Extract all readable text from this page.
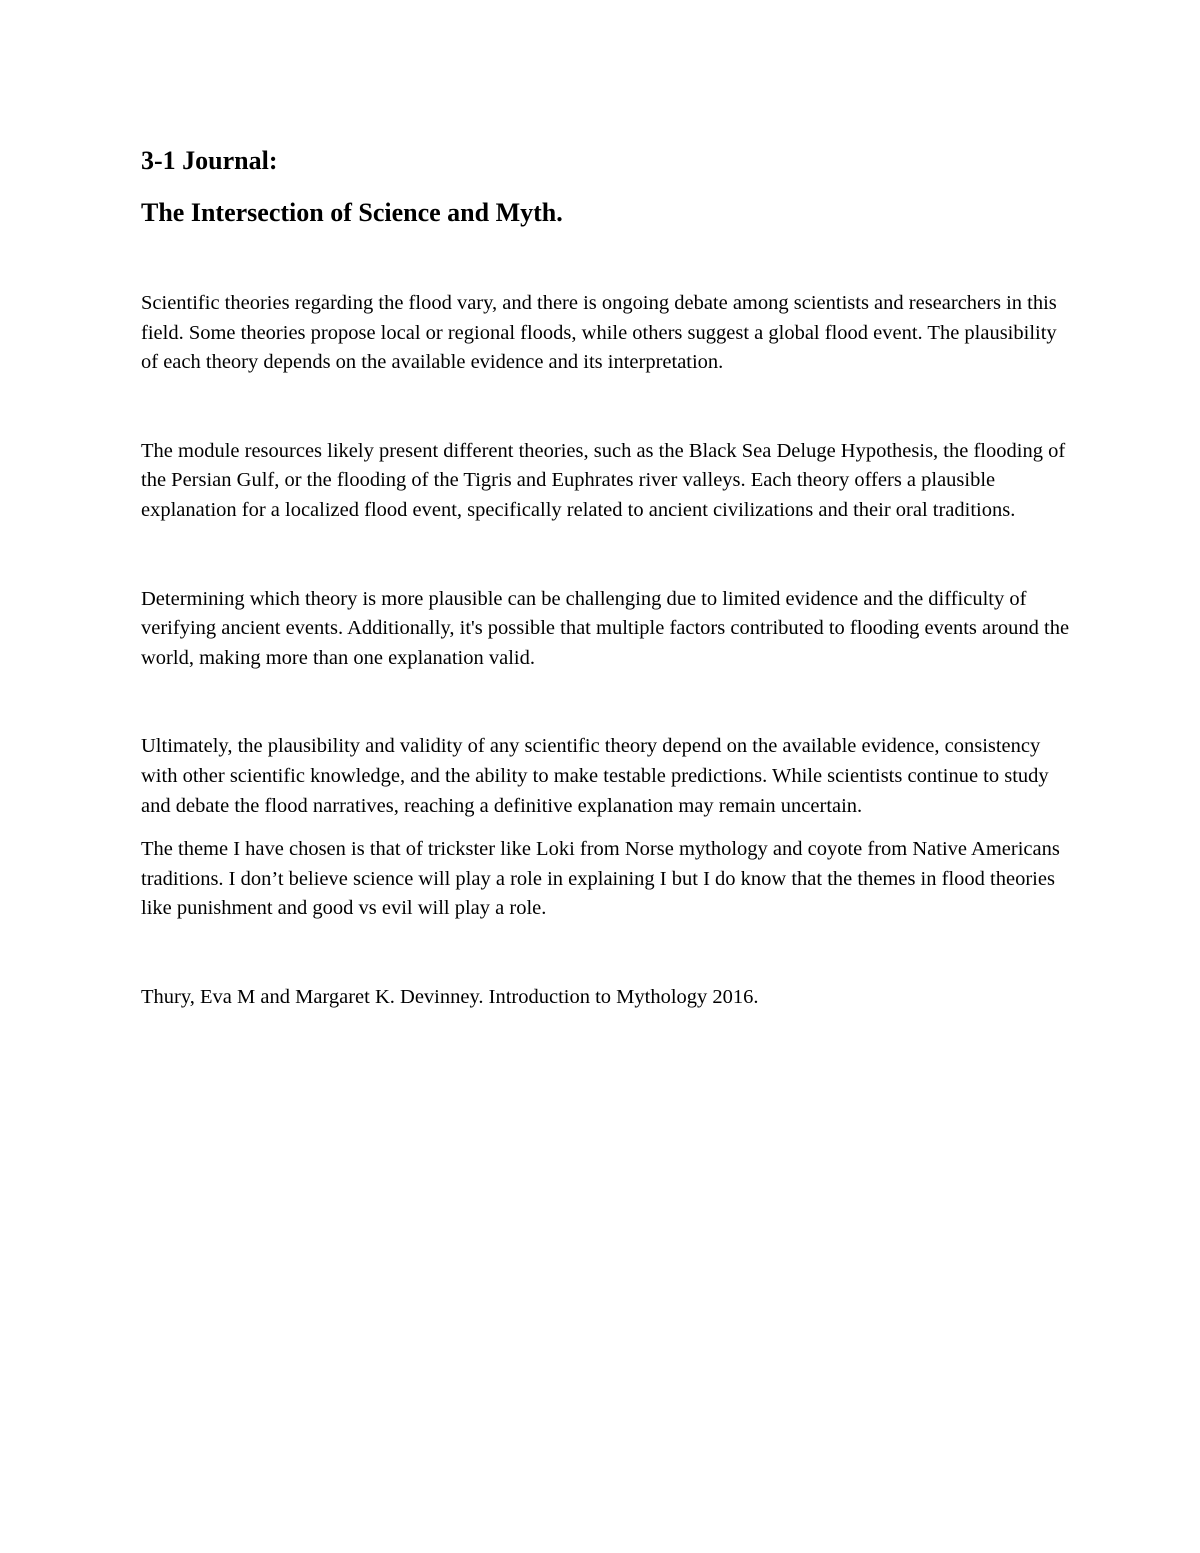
3-1 Journal:

The Intersection of Science and Myth.

Scientific theories regarding the flood vary, and there is ongoing debate among scientists and researchers in this field. Some theories propose local or regional floods, while others suggest a global flood event. The plausibility of each theory depends on the available evidence and its interpretation.

The module resources likely present different theories, such as the Black Sea Deluge Hypothesis, the flooding of the Persian Gulf, or the flooding of the Tigris and Euphrates river valleys. Each theory offers a plausible explanation for a localized flood event, specifically related to ancient civilizations and their oral traditions.

Determining which theory is more plausible can be challenging due to limited evidence and the difficulty of verifying ancient events. Additionally, it's possible that multiple factors contributed to flooding events around the world, making more than one explanation valid.

Ultimately, the plausibility and validity of any scientific theory depend on the available evidence, consistency with other scientific knowledge, and the ability to make testable predictions. While scientists continue to study and debate the flood narratives, reaching a definitive explanation may remain uncertain.

The theme I have chosen is that of trickster like Loki from Norse mythology and coyote from Native Americans traditions. I don’t believe science will play a role in explaining I but I do know that the themes in flood theories like punishment and good vs evil will play a role.

Thury, Eva M and Margaret K. Devinney. Introduction to Mythology 2016.
